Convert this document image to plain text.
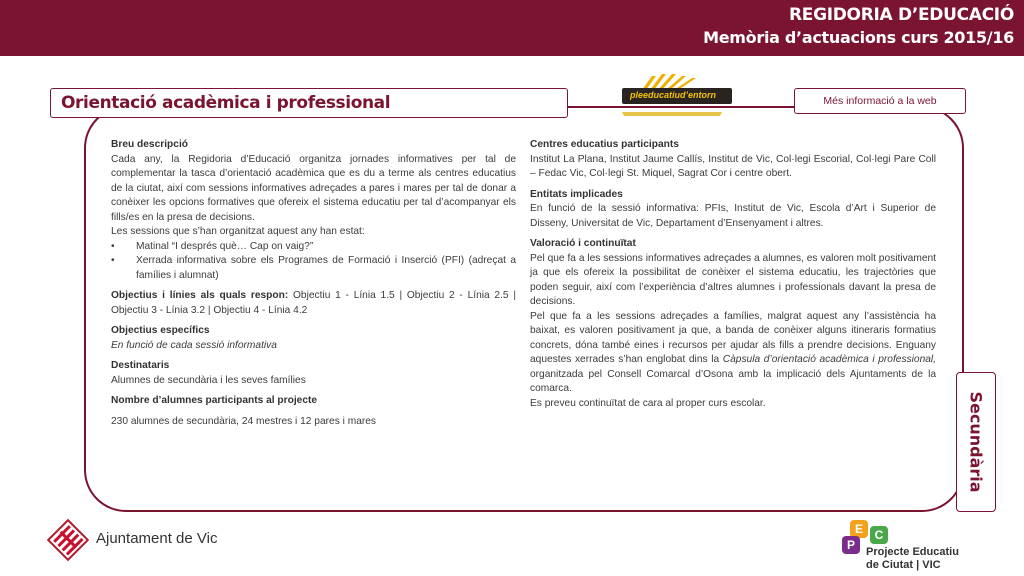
REGIDORIA D’EDUCACIÓ
Memòria d’actuacions curs 2015/16
Orientació acadèmica i professional	pleeducatiud’entorn	Més informació a la web
Breu descripció
Cada any, la Regidoria d’Educació organitza jornades informatives per tal de complementar la tasca d’orientació acadèmica que es du a terme als centres educatius de la ciutat, així com sessions informatives adreçades a pares i mares per tal de donar a conèixer les opcions formatives que ofereix el sistema educatiu per tal d’acompanyar els fills/es en la presa de decisions.
Les sessions que s’han organitzat aquest any han estat:
• Matinal “I després què… Cap on vaig?”
• Xerrada informativa sobre els Programes de Formació i Inserció (PFI) (adreçat a famílies i alumnat)
Objectius i línies als quals respon: Objectiu 1 - Línia 1.5 | Objectiu 2 - Línia 2.5 | Objectiu 3 - Línia 3.2 | Objectiu 4 - Línia 4.2
Objectius específics
En funció de cada sessió informativa
Destinataris
Alumnes de secundària i les seves famílies
Nombre d’alumnes participants al projecte
230 alumnes de secundària, 24 mestres i 12 pares i mares
Centres educatius participants
Institut La Plana, Institut Jaume Callís, Institut de Vic, Col·legi Escorial, Col·legi Pare Coll – Fedac Vic, Col·legi St. Miquel, Sagrat Cor i centre obert.
Entitats implicades
En funció de la sessió informativa: PFIs, Institut de Vic, Escola d’Art i Superior de Disseny, Universitat de Vic, Departament d’Ensenyament i altres.
Valoració i continuïtat
Pel que fa a les sessions informatives adreçades a alumnes, es valoren molt positivament ja que els ofereix la possibilitat de conèixer el sistema educatiu, les trajectòries que poden seguir, així com l’experiència d’altres alumnes i professionals davant la presa de decisions.
Pel que fa a les sessions adreçades a famílies, malgrat aquest any l’assistència ha baixat, es valoren positivament ja que, a banda de conèixer alguns itineraris formatius concrets, dóna també eines i recursos per ajudar als fills a prendre decisions. Enguany aquestes xerrades s’han englobat dins la Càpsula d’orientació acadèmica i professional, organitzada pel Consell Comarcal d’Osona amb la implicació dels Ajuntaments de la comarca.
Es preveu continuïtat de cara al proper curs escolar.	Secundària
Ajuntament de Vic
E C
P	Projecte Educatiu
de Ciutat | VIC
